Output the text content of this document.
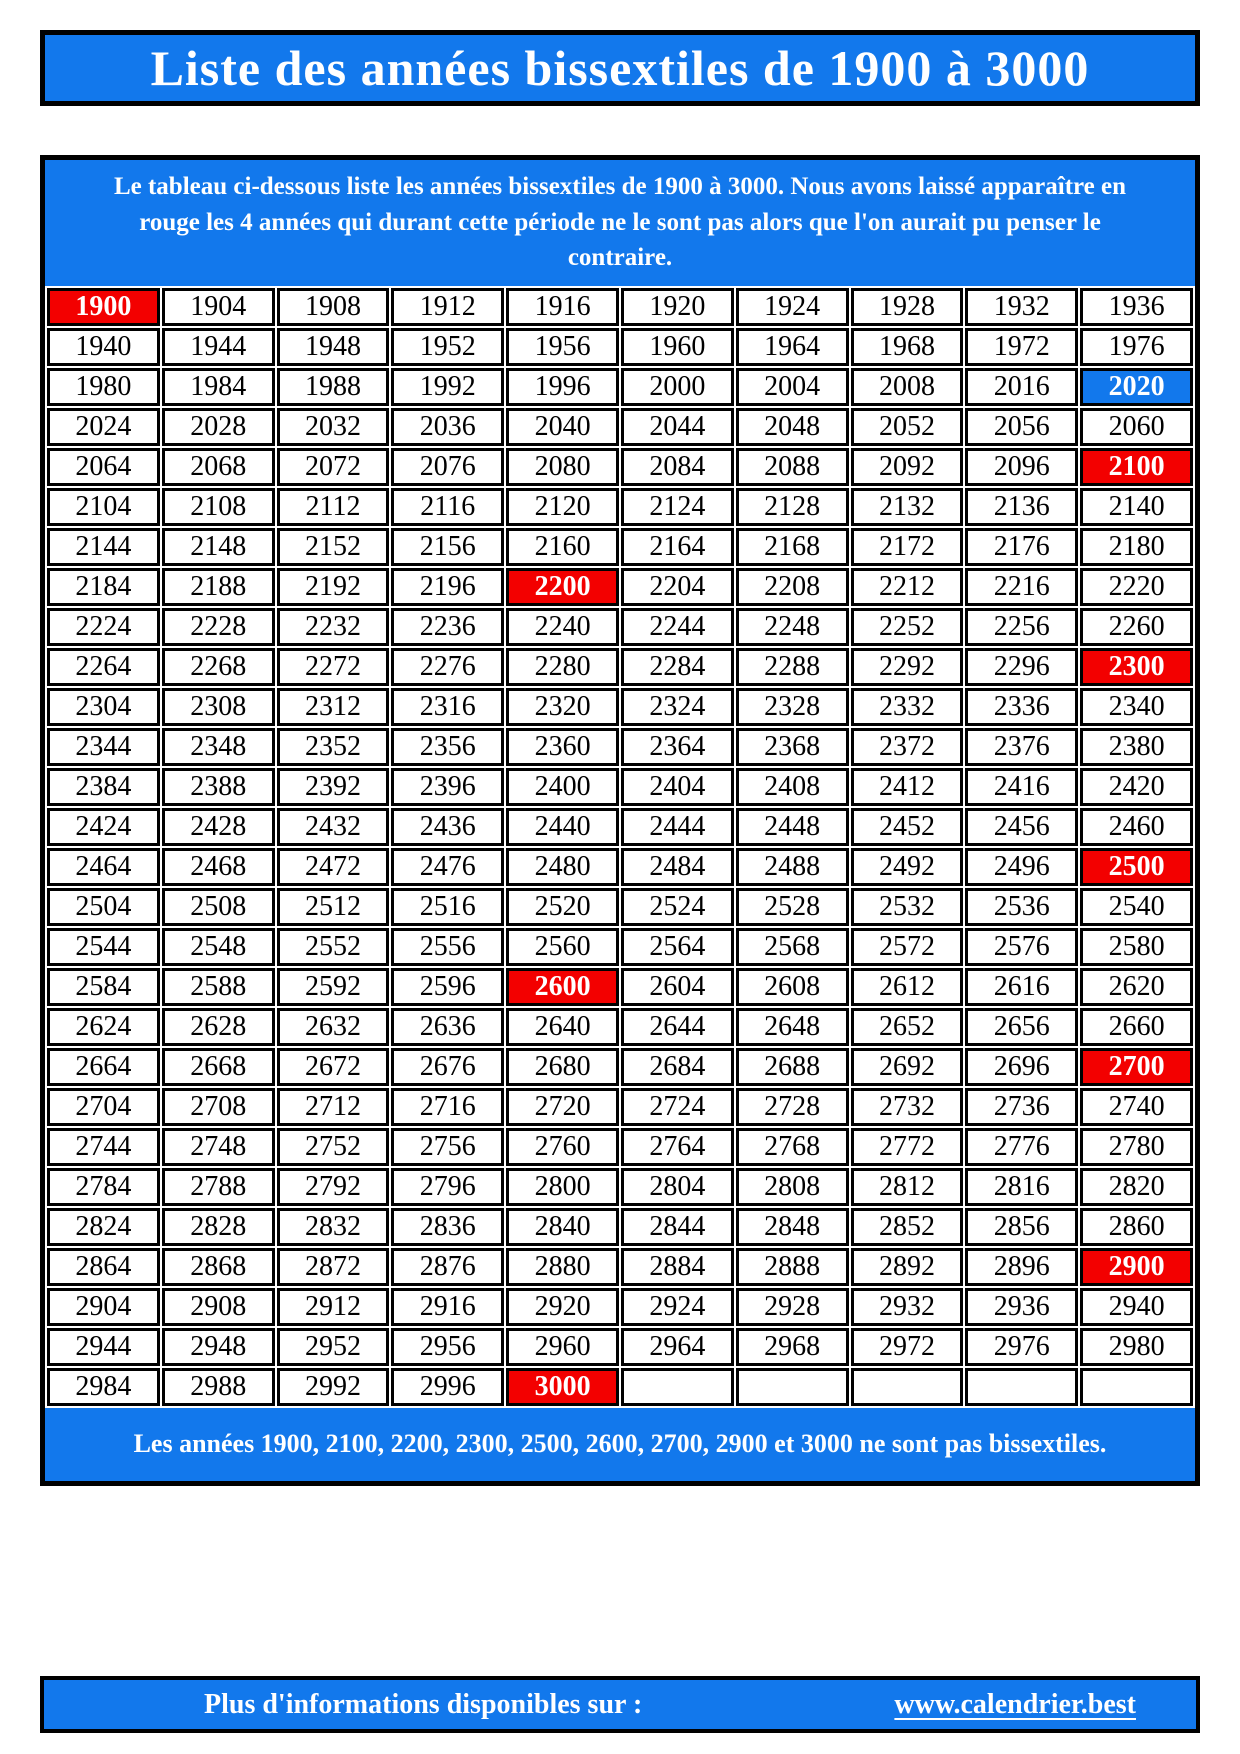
Liste des années bissextiles de 1900 à 3000
Le tableau ci-dessous liste les années bissextiles de 1900 à 3000. Nous avons laissé apparaître en rouge les 4 années qui durant cette période ne le sont pas alors que l'on aurait pu penser le contraire.
1900	1904	1908	1912	1916	1920	1924	1928	1932	1936
1940	1944	1948	1952	1956	1960	1964	1968	1972	1976
1980	1984	1988	1992	1996	2000	2004	2008	2016	2020
2024	2028	2032	2036	2040	2044	2048	2052	2056	2060
2064	2068	2072	2076	2080	2084	2088	2092	2096	2100
2104	2108	2112	2116	2120	2124	2128	2132	2136	2140
2144	2148	2152	2156	2160	2164	2168	2172	2176	2180
2184	2188	2192	2196	2200	2204	2208	2212	2216	2220
2224	2228	2232	2236	2240	2244	2248	2252	2256	2260
2264	2268	2272	2276	2280	2284	2288	2292	2296	2300
2304	2308	2312	2316	2320	2324	2328	2332	2336	2340
2344	2348	2352	2356	2360	2364	2368	2372	2376	2380
2384	2388	2392	2396	2400	2404	2408	2412	2416	2420
2424	2428	2432	2436	2440	2444	2448	2452	2456	2460
2464	2468	2472	2476	2480	2484	2488	2492	2496	2500
2504	2508	2512	2516	2520	2524	2528	2532	2536	2540
2544	2548	2552	2556	2560	2564	2568	2572	2576	2580
2584	2588	2592	2596	2600	2604	2608	2612	2616	2620
2624	2628	2632	2636	2640	2644	2648	2652	2656	2660
2664	2668	2672	2676	2680	2684	2688	2692	2696	2700
2704	2708	2712	2716	2720	2724	2728	2732	2736	2740
2744	2748	2752	2756	2760	2764	2768	2772	2776	2780
2784	2788	2792	2796	2800	2804	2808	2812	2816	2820
2824	2828	2832	2836	2840	2844	2848	2852	2856	2860
2864	2868	2872	2876	2880	2884	2888	2892	2896	2900
2904	2908	2912	2916	2920	2924	2928	2932	2936	2940
2944	2948	2952	2956	2960	2964	2968	2972	2976	2980
2984	2988	2992	2996	3000					
Les années 1900, 2100, 2200, 2300, 2500, 2600, 2700, 2900 et 3000 ne sont pas bissextiles.
Plus d'informations disponibles sur :	www.calendrier.best
